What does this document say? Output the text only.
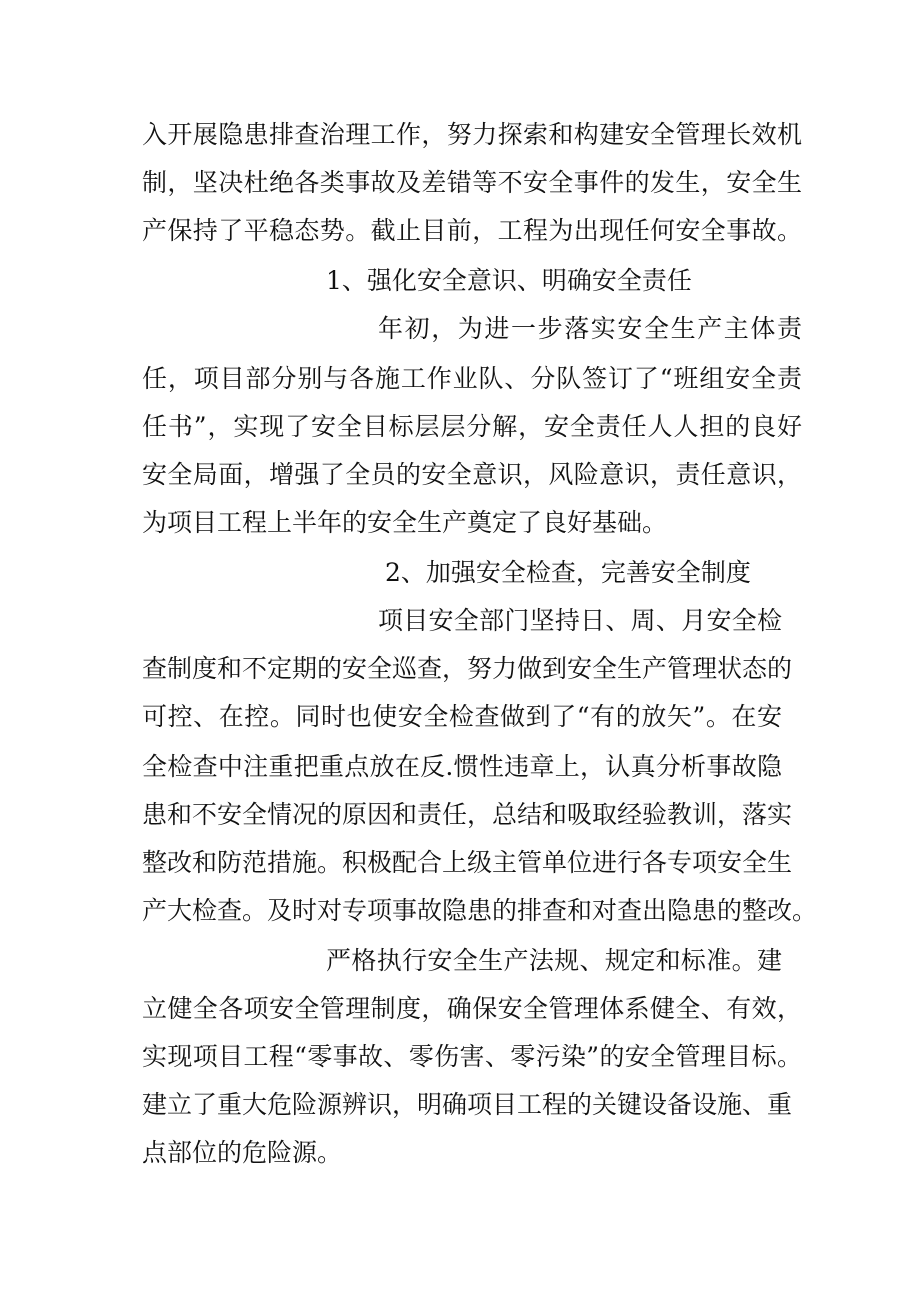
入开展隐患排查治理工作，努力探索和构建安全管理长效机
制，坚决杜绝各类事故及差错等不安全事件的发生，安全生
产保持了平稳态势。截止目前，工程为出现任何安全事故。
1、强化安全意识、明确安全责任
年初，为进一步落实安全生产主体责
任，项目部分别与各施工作业队、分队签订了“班组安全责
任书”，实现了安全目标层层分解，安全责任人人担的良好
安全局面，增强了全员的安全意识，风险意识，责任意识，
为项目工程上半年的安全生产奠定了良好基础。
2、加强安全检查，完善安全制度
项目安全部门坚持日、周、月安全检
查制度和不定期的安全巡查，努力做到安全生产管理状态的
可控、在控。同时也使安全检查做到了“有的放矢”。在安
全检查中注重把重点放在反.惯性违章上，认真分析事故隐
患和不安全情况的原因和责任，总结和吸取经验教训，落实
整改和防范措施。积极配合上级主管单位进行各专项安全生
产大检查。及时对专项事故隐患的排查和对查出隐患的整改。
严格执行安全生产法规、规定和标准。建
立健全各项安全管理制度，确保安全管理体系健全、有效，
实现项目工程“零事故、零伤害、零污染”的安全管理目标。
建立了重大危险源辨识，明确项目工程的关键设备设施、重
点部位的危险源。
